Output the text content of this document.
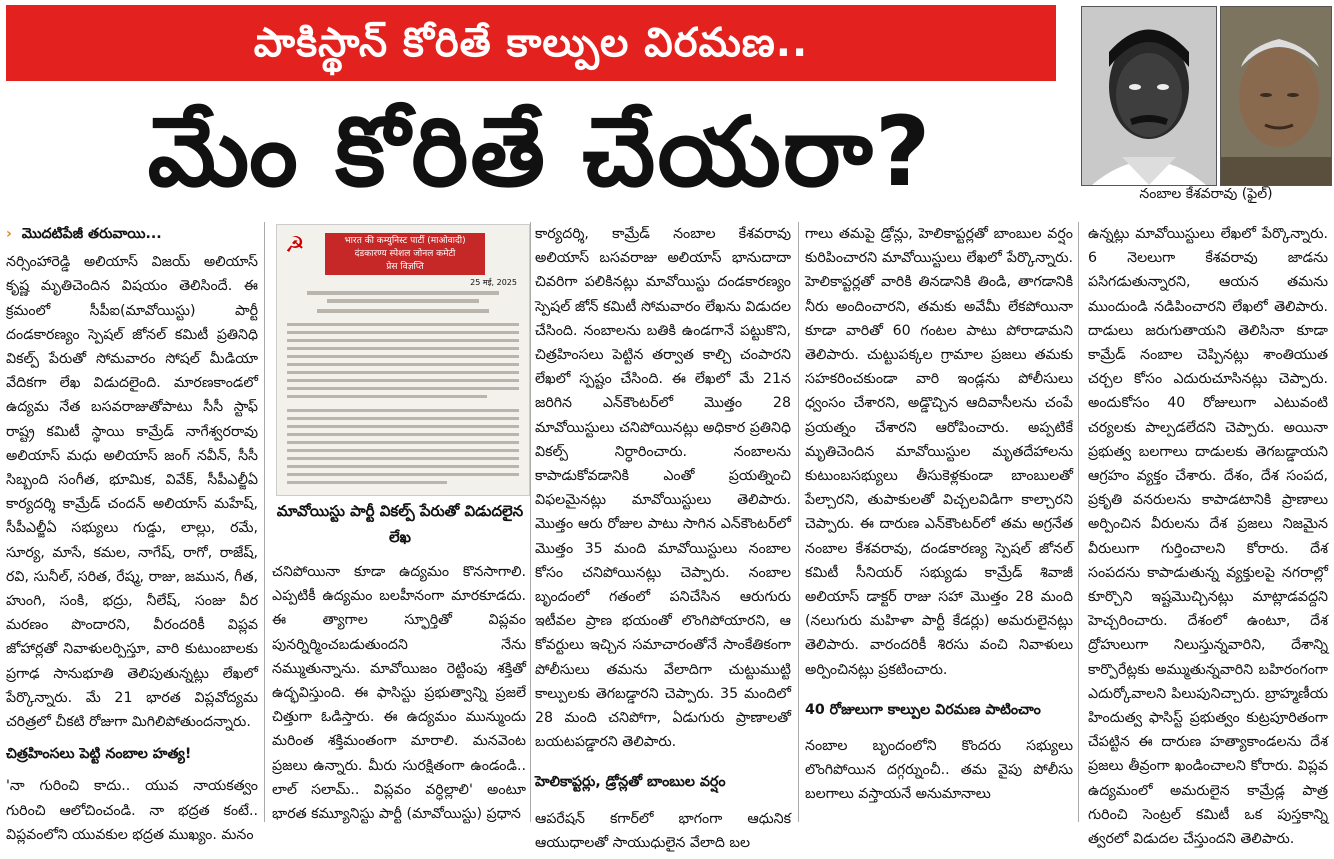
పాకిస్థాన్ కోరితే కాల్పుల విరమణ..
మేం కోరితే చేయరా?	నంబాల కేశవరావు (ఫైల్)

› మొదటిపేజీ తరువాయి...

నర్సింహారెడ్డి అలియాస్ విజయ్ అలియాస్ కృష్ణ మృతిచెందిన విషయం తెలిసిందే. ఈ క్రమంలో సీపీఐ(మావోయిస్టు) పార్టీ దండకారణ్యం స్పెషల్ జోనల్ కమిటీ ప్రతినిధి వికల్ప్ పేరుతో సోమవారం సోషల్ మీడియా వేదికగా లేఖ విడుదలైంది. మారణకాండలో ఉద్యమ నేత బసవరాజుతోపాటు సీసీ స్టాఫ్ రాష్ట్ర కమిటీ స్థాయి కామ్రేడ్ నాగేశ్వరరావు అలియాస్ మధు అలియాస్ జంగ్ నవీన్, సీసీ సిబ్బంది సంగీత, భూమిక, వివేక్, సీపీఎల్జీఏ కార్యదర్శి కామ్రేడ్ చందన్ అలియాస్ మహేష్, సీపీఎల్జీఏ సభ్యులు గుడ్డు, లాల్లు, రమే, సూర్య, మాసే, కమల, నాగేష్, రాగో, రాజేష్, రవి, సునీల్, సరిత, రేష్మ, రాజు, జమున, గీత, హుంగి, సంకి, భద్రు, నీలేష్, సంజు వీర మరణం పొందారని, వీరందరికీ విప్లవ జోహార్లతో నివాళులర్పిస్తూ, వారి కుటుంబాలకు ప్రగాఢ సానుభూతి తెలిపుతున్నట్లు లేఖలో పేర్కొన్నారు. మే 21 భారత విప్లవోద్యమ చరిత్రలో చీకటి రోజుగా మిగిలిపోతుందన్నారు.

చిత్రహింసలు పెట్టి నంబాల హత్య!

'నా గురించి కాదు.. యువ నాయకత్వం గురించి ఆలోచించండి. నా భద్రత కంటే.. విప్లవంలోని యువకుల భద్రత ముఖ్యం. మనం

☭	भारत की कम्युनिस्ट पार्टी (माओवादी)
दंडकारण्य स्पेशल जोनल कमेटी
प्रेस विज्ञप्ति
25 मई, 2025
మావోయిస్టు పార్టీ వికల్ప్ పేరుతో విడుదలైన లేఖ

చనిపోయినా కూడా ఉద్యమం కొనసాగాలి. ఎప్పటికీ ఉద్యమం బలహీనంగా మారకూడదు. ఈ త్యాగాల స్ఫూర్తితో విప్లవం పునర్నిర్మించబడుతుందని నేను నమ్ముతున్నాను. మావోయిజం రెట్టింపు శక్తితో ఉద్భవిస్తుంది. ఈ ఫాసిస్టు ప్రభుత్వాన్ని ప్రజలే చిత్తుగా ఓడిస్తారు. ఈ ఉద్యమం మున్ముందు మరింత శక్తిమంతంగా మారాలి. మనవెంట ప్రజలు ఉన్నారు. మీరు సురక్షితంగా ఉండండి.. లాల్ సలామ్.. విప్లవం వర్ధిల్లాలి' అంటూ భారత కమ్యూనిస్టు పార్టీ (మావోయిస్టు) ప్రధాన

కార్యదర్శి, కామ్రేడ్ నంబాల కేశవరావు అలియాస్ బసవరాజు అలియాస్ భానుదాదా చివరిగా పలికినట్లు మావోయిస్టు దండకారణ్యం స్పెషల్ జోన్ కమిటీ సోమవారం లేఖను విడుదల చేసింది. నంబాలను బతికి ఉండగానే పట్టుకొని, చిత్రహింసలు పెట్టిన తర్వాత కాల్చి చంపారని లేఖలో స్పష్టం చేసింది. ఈ లేఖలో మే 21న జరిగిన ఎన్‌కౌంటర్‌లో మొత్తం 28 మావోయిస్టులు చనిపోయినట్లు అధికార ప్రతినిధి వికల్ప్ నిర్ధారించారు. నంబాలను కాపాడుకోవడానికి ఎంతో ప్రయత్నించి విఫలమైనట్లు మావోయిస్టులు తెలిపారు. మొత్తం ఆరు రోజుల పాటు సాగిన ఎన్‌కౌంటర్‌లో మొత్తం 35 మంది మావోయిస్టులు నంబాల కోసం చనిపోయినట్లు చెప్పారు. నంబాల బృందంలో గతంలో పనిచేసిన ఆరుగురు ఇటీవల ప్రాణ భయంతో లొంగిపోయారని, ఆ కోవర్టులు ఇచ్చిన సమాచారంతోనే సాంకేతికంగా పోలీసులు తమను వేలాదిగా చుట్టుముట్టి కాల్పులకు తెగబడ్డారని చెప్పారు. 35 మందిలో 28 మంది చనిపోగా, ఏడుగురు ప్రాణాలతో బయటపడ్డారని తెలిపారు.

హెలికాప్టర్లు, డ్రోన్లతో బాంబుల వర్షం

ఆపరేషన్ కగార్‌లో భాగంగా ఆధునిక ఆయుధాలతో సాయుధులైన వేలాది బల

గాలు తమపై డ్రోన్లు, హెలికాప్టర్లతో బాంబుల వర్షం కురిపించారని మావోయిస్టులు లేఖలో పేర్కొన్నారు. హెలికాప్టర్లతో వారికి తినడానికి తిండి, తాగడానికి నీరు అందించారని, తమకు అవేమీ లేకపోయినా కూడా వారితో 60 గంటల పాటు పోరాడామని తెలిపారు. చుట్టుపక్కల గ్రామాల ప్రజలు తమకు సహకరించకుండా వారి ఇండ్లను పోలీసులు ధ్వంసం చేశారని, అడ్డొచ్చిన ఆదివాసీలను చంపే ప్రయత్నం చేశారని ఆరోపించారు. అప్పటికే మృతిచెందిన మావోయిస్టుల మృతదేహాలను కుటుంబసభ్యులు తీసుకెళ్లకుండా బాంబులతో పేల్చారని, తుపాకులతో విచ్చలవిడిగా కాల్చారని చెప్పారు. ఈ దారుణ ఎన్‌కౌంటర్‌లో తమ అగ్రనేత నంబాల కేశవరావు, దండకారణ్య స్పెషల్ జోనల్ కమిటీ సీనియర్ సభ్యుడు కామ్రేడ్ శివాజీ అలియాస్ డాక్టర్ రాజు సహా మొత్తం 28 మంది (నలుగురు మహిళా పార్టీ కేడర్లు) అమరులైనట్లు తెలిపారు. వారందరికీ శిరసు వంచి నివాళులు అర్పించినట్లు ప్రకటించారు.

40 రోజులుగా కాల్పుల విరమణ పాటించాం

నంబాల బృందంలోని కొందరు సభ్యులు లొంగిపోయిన దగ్గర్నుంచీ.. తమ వైపు పోలీసు బలగాలు వస్తాయనే అనుమానాలు

ఉన్నట్లు మావోయిస్టులు లేఖలో పేర్కొన్నారు. 6 నెలలుగా కేశవరావు జాడను పసిగడుతున్నారని, ఆయన తమను ముందుండి నడిపించారని లేఖలో తెలిపారు. దాడులు జరుగుతాయని తెలిసినా కూడా కామ్రేడ్ నంబాల చెప్పినట్లు శాంతియుత చర్చల కోసం ఎదురుచూసినట్లు చెప్పారు. అందుకోసం 40 రోజులుగా ఎటువంటి చర్యలకు పాల్పడలేదని చెప్పారు. అయినా ప్రభుత్వ బలగాలు దాడులకు తెగబడ్డాయని ఆగ్రహం వ్యక్తం చేశారు. దేశం, దేశ సంపద, ప్రకృతి వనరులను కాపాడటానికి ప్రాణాలు అర్పించిన వీరులను దేశ ప్రజలు నిజమైన వీరులుగా గుర్తించాలని కోరారు. దేశ సంపదను కాపాడుతున్న వ్యక్తులపై నగరాల్లో కూర్చొని ఇష్టమొచ్చినట్లు మాట్లాడవద్దని హెచ్చరించారు. దేశంలో ఉంటూ, దేశ ద్రోహులుగా నిలుస్తున్నవారిని, దేశాన్ని కార్పొరేట్లకు అమ్ముతున్నవారిని బహిరంగంగా ఎదుర్కోవాలని పిలుపునిచ్చారు. బ్రాహ్మణీయ హిందుత్వ ఫాసిస్ట్ ప్రభుత్వం కుట్రపూరితంగా చేపట్టిన ఈ దారుణ హత్యాకాండలను దేశ ప్రజలు తీవ్రంగా ఖండించాలని కోరారు. విప్లవ ఉద్యమంలో అమరులైన కామ్రేడ్ల పాత్ర గురించి సెంట్రల్ కమిటీ ఒక పుస్తకాన్ని త్వరలో విడుదల చేస్తుందని తెలిపారు.
